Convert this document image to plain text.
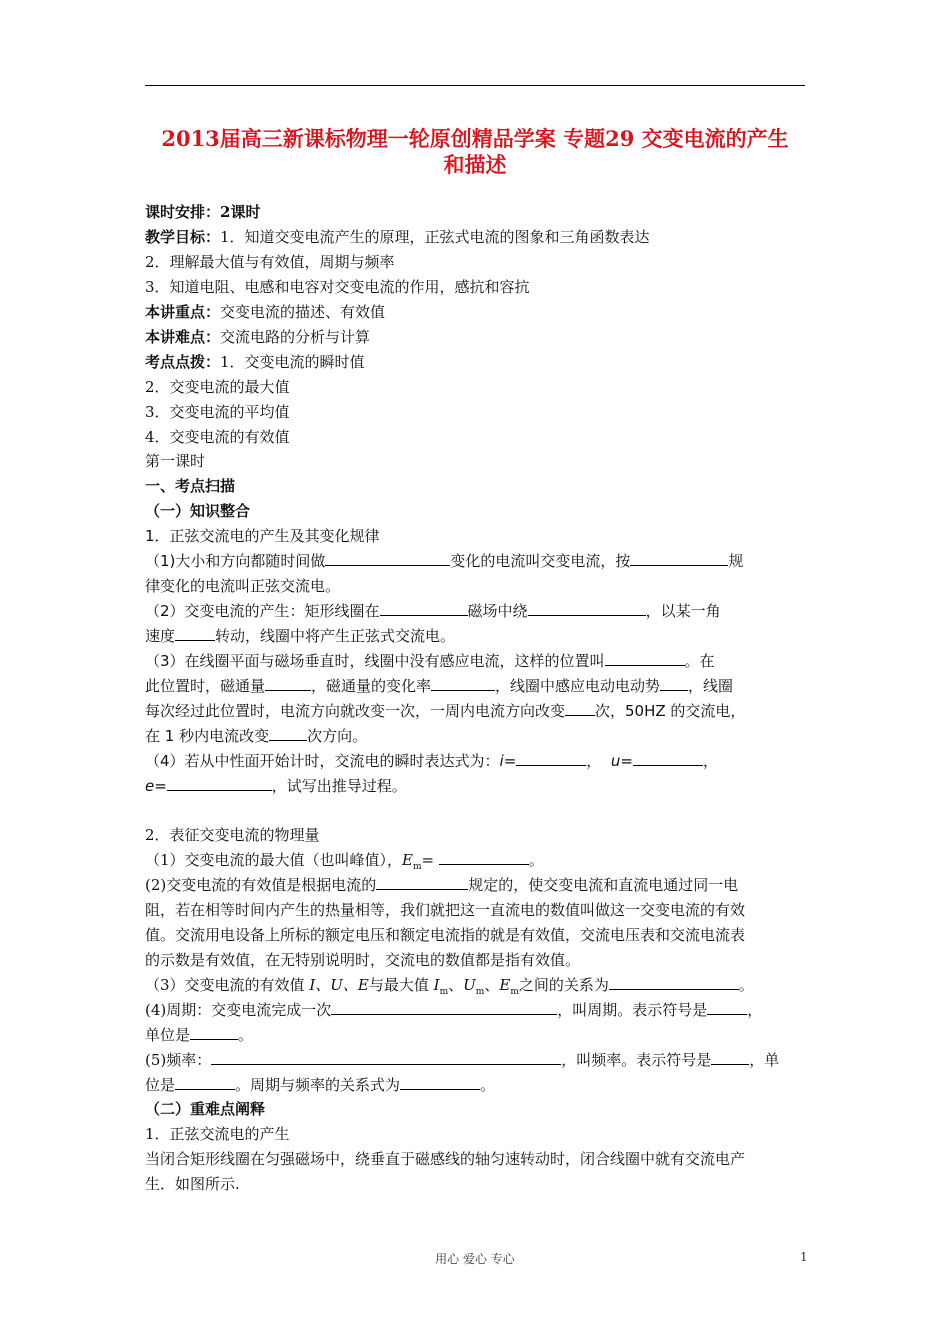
2013届高三新课标物理一轮原创精品学案 专题29 交变电流的产生
和描述
课时安排：2课时
教学目标：1．知道交变电流产生的原理，正弦式电流的图象和三角函数表达
2．理解最大值与有效值，周期与频率
3．知道电阻、电感和电容对交变电流的作用，感抗和容抗
本讲重点：交变电流的描述、有效值
本讲难点：交流电路的分析与计算
考点点拨：1．交变电流的瞬时值
2．交变电流的最大值
3．交变电流的平均值
4．交变电流的有效值
第一课时
一、考点扫描
（一）知识整合
1．正弦交流电的产生及其变化规律
（1)大小和方向都随时间做	变化的电流叫交变电流，按	规
律变化的电流叫正弦交流电。
（2）交变电流的产生：矩形线圈在	磁场中绕	，以某一角
速度	转动，线圈中将产生正弦式交流电。
（3）在线圈平面与磁场垂直时，线圈中没有感应电流，这样的位置叫	。在
此位置时，磁通量	，磁通量的变化率	，线圈中感应电动电动势 ，线圈
每次经过此位置时，电流方向就改变一次，一周内电流方向改变 次，50HZ 的交流电，
在 1 秒内电流改变	次方向。
（4）若从中性面开始计时，交流电的瞬时表达式为：i=	， u=	，
e=	，试写出推导过程。
2．表征交变电流的物理量
（1）交变电流的最大值（也叫峰值），$E_m=$	。
(2)交变电流的有效值是根据电流的	规定的，使交变电流和直流电通过同一电
阻，若在相等时间内产生的热量相等，我们就把这一直流电的数值叫做这一交变电流的有效
值。交流用电设备上所标的额定电压和额定电流指的就是有效值，交流电压表和交流电流表
的示数是有效值，在无特别说明时，交流电的数值都是指有效值。
（3）交变电流的有效值 I、U、E与最大值 $I_m$、$U_m$、$E_m$之间的关系为	。
(4)周期：交变电流完成一次	，叫周期。表示符号是	，
单位是	。
(5)频率：	，叫频率。表示符号是	，单
位是	。周期与频率的关系式为	。
（二）重难点阐释
1．正弦交流电的产生
当闭合矩形线圈在匀强磁场中，绕垂直于磁感线的轴匀速转动时，闭合线圈中就有交流电产
生．如图所示.
用心 爱心 专心	1
